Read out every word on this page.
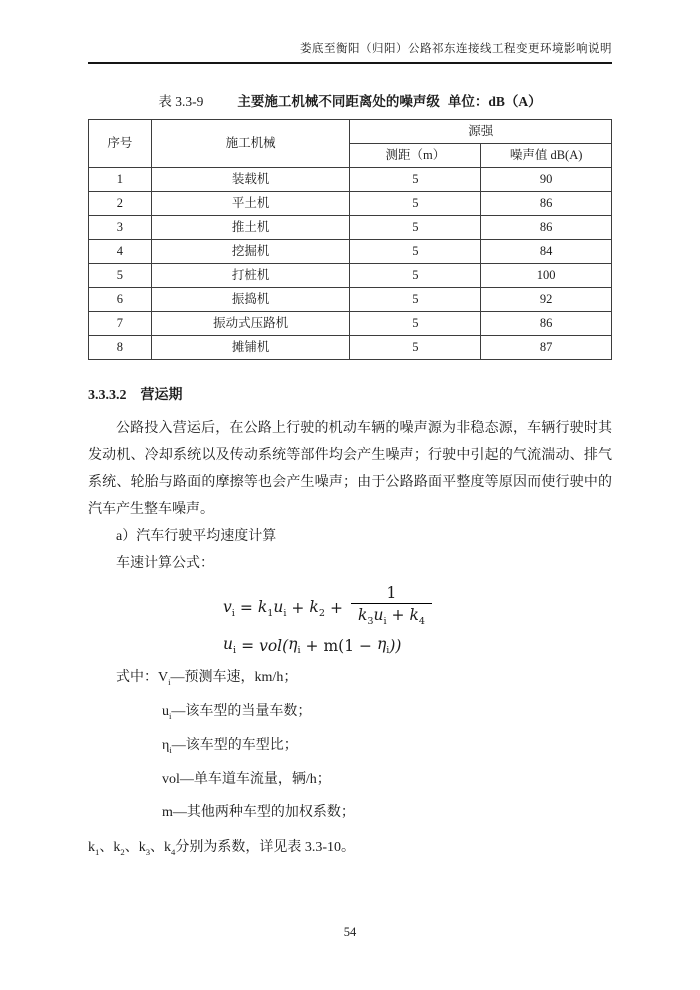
娄底至衡阳（归阳）公路祁东连接线工程变更环境影响说明
表 3.3-9	主要施工机械不同距离处的噪声级 单位：dB（A）
序号	施工机械	源强	
		测距（m）	噪声值 dB(A)
1	装载机	5	90
2	平土机	5	86
3	推土机	5	86
4	挖掘机	5	84
5	打桩机	5	100
6	振捣机	5	92
7	振动式压路机	5	86
8	摊铺机	5	87
3.3.3.2　营运期

公路投入营运后，在公路上行驶的机动车辆的噪声源为非稳态源，车辆行驶时其发动机、冷却系统以及传动系统等部件均会产生噪声；行驶中引起的气流湍动、排气系统、轮胎与路面的摩擦等也会产生噪声；由于公路路面平整度等原因而使行驶中的汽车产生整车噪声。

a）汽车行驶平均速度计算
车速计算公式：
$v_i = k_1u_i + k_2 + \frac{1}{k_3u_i + k_4}$
$u_i = vol$( $\eta_i + m(1 - \eta_i$ ))
式中：$V_i—$预测车速，km/h；
$u_i—$该车型的当量车数；
$\eta_i—$该车型的车型比；
vol—单车道车流量，辆/h；
m—其他两种车型的加权系数；
$k_1$、$k_2$、$k_3$、$k_4$分别为系数，详见表 3.3-10。
54
